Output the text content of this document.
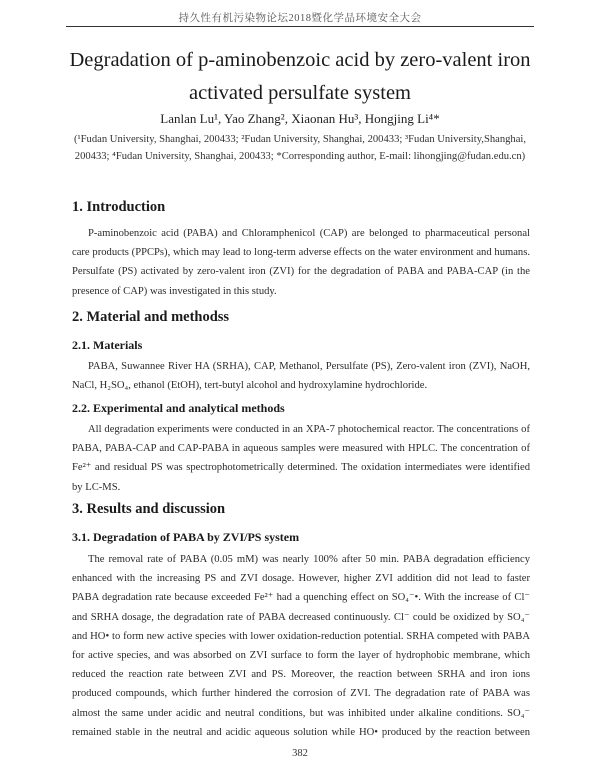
持久性有机污染物论坛2018暨化学品环境安全大会
Degradation of p-aminobenzoic acid by zero-valent iron
activated persulfate system
Lanlan Lu¹, Yao Zhang², Xiaonan Hu³, Hongjing Li⁴*
(¹Fudan University, Shanghai, 200433; ²Fudan University, Shanghai, 200433; ³Fudan University,Shanghai, 200433; ⁴Fudan University, Shanghai, 200433; *Corresponding author, E-mail: lihongjing@fudan.edu.cn)
1. Introduction
P-aminobenzoic acid (PABA) and Chloramphenicol (CAP) are belonged to pharmaceutical personal care products (PPCPs), which may lead to long-term adverse effects on the water environment and humans. Persulfate (PS) activated by zero-valent iron (ZVI) for the degradation of PABA and PABA-CAP (in the presence of CAP) was investigated in this study.
2. Material and methodss
2.1. Materials
PABA, Suwannee River HA (SRHA), CAP, Methanol, Persulfate (PS), Zero-valent iron (ZVI), NaOH, NaCl, H₂SO₄, ethanol (EtOH), tert-butyl alcohol and hydroxylamine hydrochloride.
2.2. Experimental and analytical methods
All degradation experiments were conducted in an XPA-7 photochemical reactor. The concentrations of PABA, PABA-CAP and CAP-PABA in aqueous samples were measured with HPLC. The concentration of Fe²⁺ and residual PS was spectrophotometrically determined. The oxidation intermediates were identified by LC-MS.
3. Results and discussion
3.1. Degradation of PABA by ZVI/PS system
The removal rate of PABA (0.05 mM) was nearly 100% after 50 min. PABA degradation efficiency enhanced with the increasing PS and ZVI dosage. However, higher ZVI addition did not lead to faster PABA degradation rate because exceeded Fe²⁺ had a quenching effect on SO₄⁻•. With the increase of Cl⁻ and SRHA dosage, the degradation rate of PABA decreased continuously. Cl⁻ could be oxidized by SO₄⁻ and HO• to form new active species with lower oxidation-reduction potential. SRHA competed with PABA for active species, and was absorbed on ZVI surface to form the layer of hydrophobic membrane, which reduced the reaction rate between ZVI and PS. Moreover, the reaction between SRHA and iron ions produced compounds, which further hindered the corrosion of ZVI. The degradation rate of PABA was almost the same under acidic and neutral conditions, but was inhibited under alkaline conditions. SO₄⁻ remained stable in the neutral and acidic aqueous solution while HO• produced by the reaction between
382
